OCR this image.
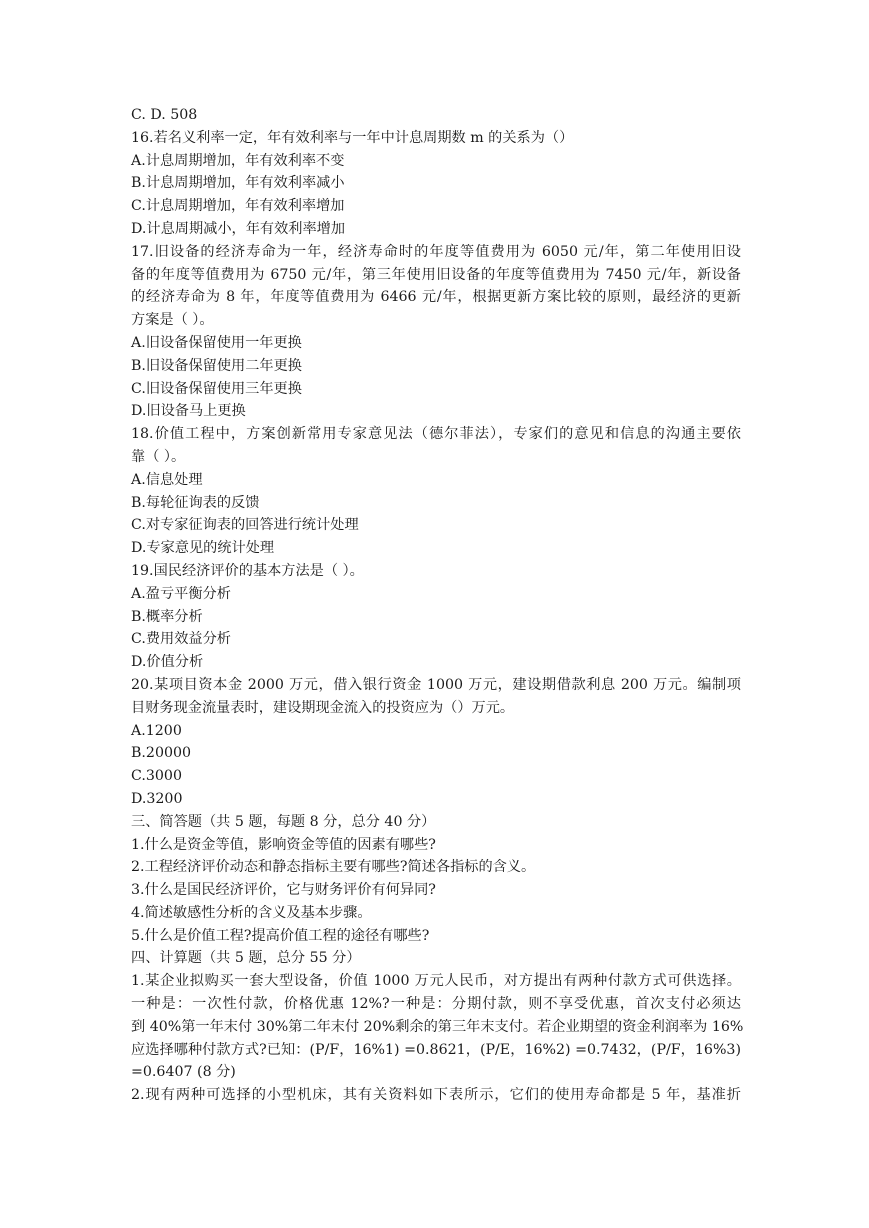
C. D. 508
16.若名义利率一定，年有效利率与一年中计息周期数 m 的关系为（）
A.计息周期增加，年有效利率不变
B.计息周期增加，年有效利率减小
C.计息周期增加，年有效利率增加
D.计息周期减小，年有效利率增加
17.旧设备的经济寿命为一年，经济寿命时的年度等值费用为 6050 元/年，第二年使用旧设
备的年度等值费用为 6750 元/年，第三年使用旧设备的年度等值费用为 7450 元/年，新设备
的经济寿命为 8 年，年度等值费用为 6466 元/年，根据更新方案比较的原则，最经济的更新
方案是（ ）。
A.旧设备保留使用一年更换
B.旧设备保留使用二年更换
C.旧设备保留使用三年更换
D.旧设备马上更换
18.价值工程中，方案创新常用专家意见法（德尔菲法），专家们的意见和信息的沟通主要依
靠（ ）。
A.信息处理
B.每轮征询表的反馈
C.对专家征询表的回答进行统计处理
D.专家意见的统计处理
19.国民经济评价的基本方法是（ ）。
A.盈亏平衡分析
B.概率分析
C.费用效益分析
D.价值分析
20.某项目资本金 2000 万元，借入银行资金 1000 万元，建设期借款利息 200 万元。编制项
目财务现金流量表时，建设期现金流入的投资应为（）万元。
A.1200
B.20000
C.3000
D.3200
三、简答题（共 5 题，每题 8 分，总分 40 分）
1.什么是资金等值，影响资金等值的因素有哪些?
2.工程经济评价动态和静态指标主要有哪些?简述各指标的含义。
3.什么是国民经济评价，它与财务评价有何异同?
4.简述敏感性分析的含义及基本步骤。
5.什么是价值工程?提高价值工程的途径有哪些?
四、计算题（共 5 题，总分 55 分）
1.某企业拟购买一套大型设备，价值 1000 万元人民币，对方提出有两种付款方式可供选择。
一种是：一次性付款，价格优惠 12%?一种是：分期付款，则不享受优惠，首次支付必须达
到 40%第一年末付 30%第二年末付 20%剩余的第三年末支付。若企业期望的资金利润率为 16%
应选择哪种付款方式?已知：(P/F，16%1) =0.8621，(P/E，16%2) =0.7432，(P/F，16%3)
=0.6407 (8 分)
2.现有两种可选择的小型机床，其有关资料如下表所示，它们的使用寿命都是 5 年，基准折
